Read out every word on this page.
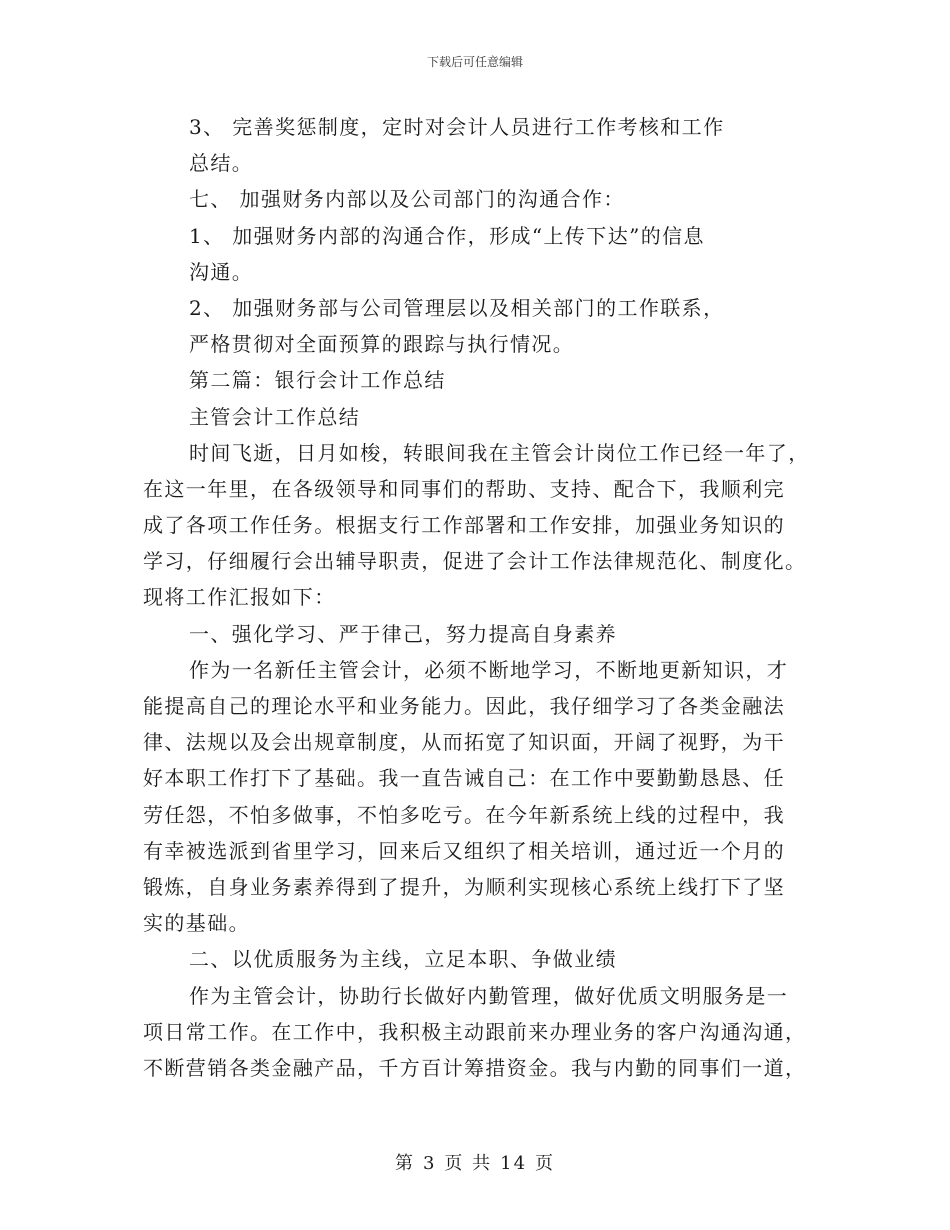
下载后可任意编辑
3、 完善奖惩制度，定时对会计人员进行工作考核和工作
总结。
七、 加强财务内部以及公司部门的沟通合作：
1、 加强财务内部的沟通合作，形成“上传下达”的信息
沟通。
2、 加强财务部与公司管理层以及相关部门的工作联系，
严格贯彻对全面预算的跟踪与执行情况。
第二篇：银行会计工作总结
主管会计工作总结
时间飞逝，日月如梭，转眼间我在主管会计岗位工作已经一年了，
在这一年里，在各级领导和同事们的帮助、支持、配合下，我顺利完
成了各项工作任务。根据支行工作部署和工作安排，加强业务知识的
学习，仔细履行会出辅导职责，促进了会计工作法律规范化、制度化。
现将工作汇报如下：
一、强化学习、严于律己，努力提高自身素养
作为一名新任主管会计，必须不断地学习，不断地更新知识，才
能提高自己的理论水平和业务能力。因此，我仔细学习了各类金融法
律、法规以及会出规章制度，从而拓宽了知识面，开阔了视野，为干
好本职工作打下了基础。我一直告诫自己：在工作中要勤勤恳恳、任
劳任怨，不怕多做事，不怕多吃亏。在今年新系统上线的过程中，我
有幸被选派到省里学习，回来后又组织了相关培训，通过近一个月的
锻炼，自身业务素养得到了提升，为顺利实现核心系统上线打下了坚
实的基础。
二、以优质服务为主线，立足本职、争做业绩
作为主管会计，协助行长做好内勤管理，做好优质文明服务是一
项日常工作。在工作中，我积极主动跟前来办理业务的客户沟通沟通，
不断营销各类金融产品，千方百计筹措资金。我与内勤的同事们一道，
第 3 页 共 14 页
